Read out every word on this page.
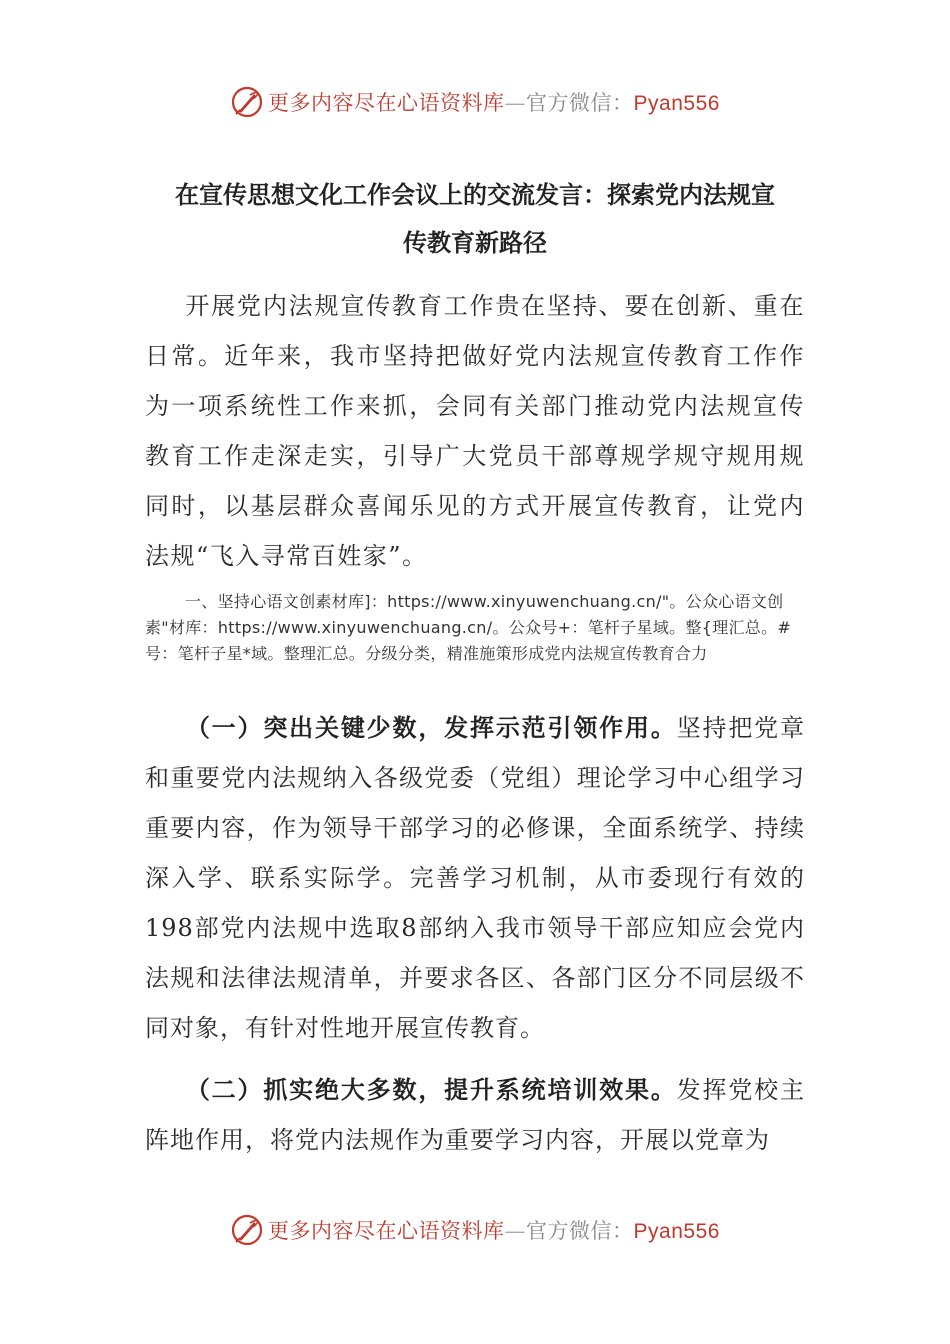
更多内容尽在心语资料库—官方微信：Pyan556
在宣传思想文化工作会议上的交流发言：探索党内法规宣
传教育新路径

开展党内法规宣传教育工作贵在坚持、要在创新、重在日常。近年来，我市坚持把做好党内法规宣传教育工作作为一项系统性工作来抓，会同有关部门推动党内法规宣传教育工作走深走实，引导广大党员干部尊规学规守规用规同时，以基层群众喜闻乐见的方式开展宣传教育，让党内法规“飞入寻常百姓家”。

一、坚持心语文创素材库]：https://www.xinyuwenchuang.cn/"。公众心语文创素"材库：https://www.xinyuwenchuang.cn/。公众号+：笔杆子星域。整{理汇总。#号：笔杆子星*域。整理汇总。分级分类，精准施策形成党内法规宣传教育合力

（一）突出关键少数，发挥示范引领作用。坚持把党章和重要党内法规纳入各级党委（党组）理论学习中心组学习重要内容，作为领导干部学习的必修课，全面系统学、持续深入学、联系实际学。完善学习机制，从市委现行有效的198部党内法规中选取8部纳入我市领导干部应知应会党内法规和法律法规清单，并要求各区、各部门区分不同层级不同对象，有针对性地开展宣传教育。

（二）抓实绝大多数，提升系统培训效果。发挥党校主阵地作用，将党内法规作为重要学习内容，开展以党章为

更多内容尽在心语资料库—官方微信：Pyan556
